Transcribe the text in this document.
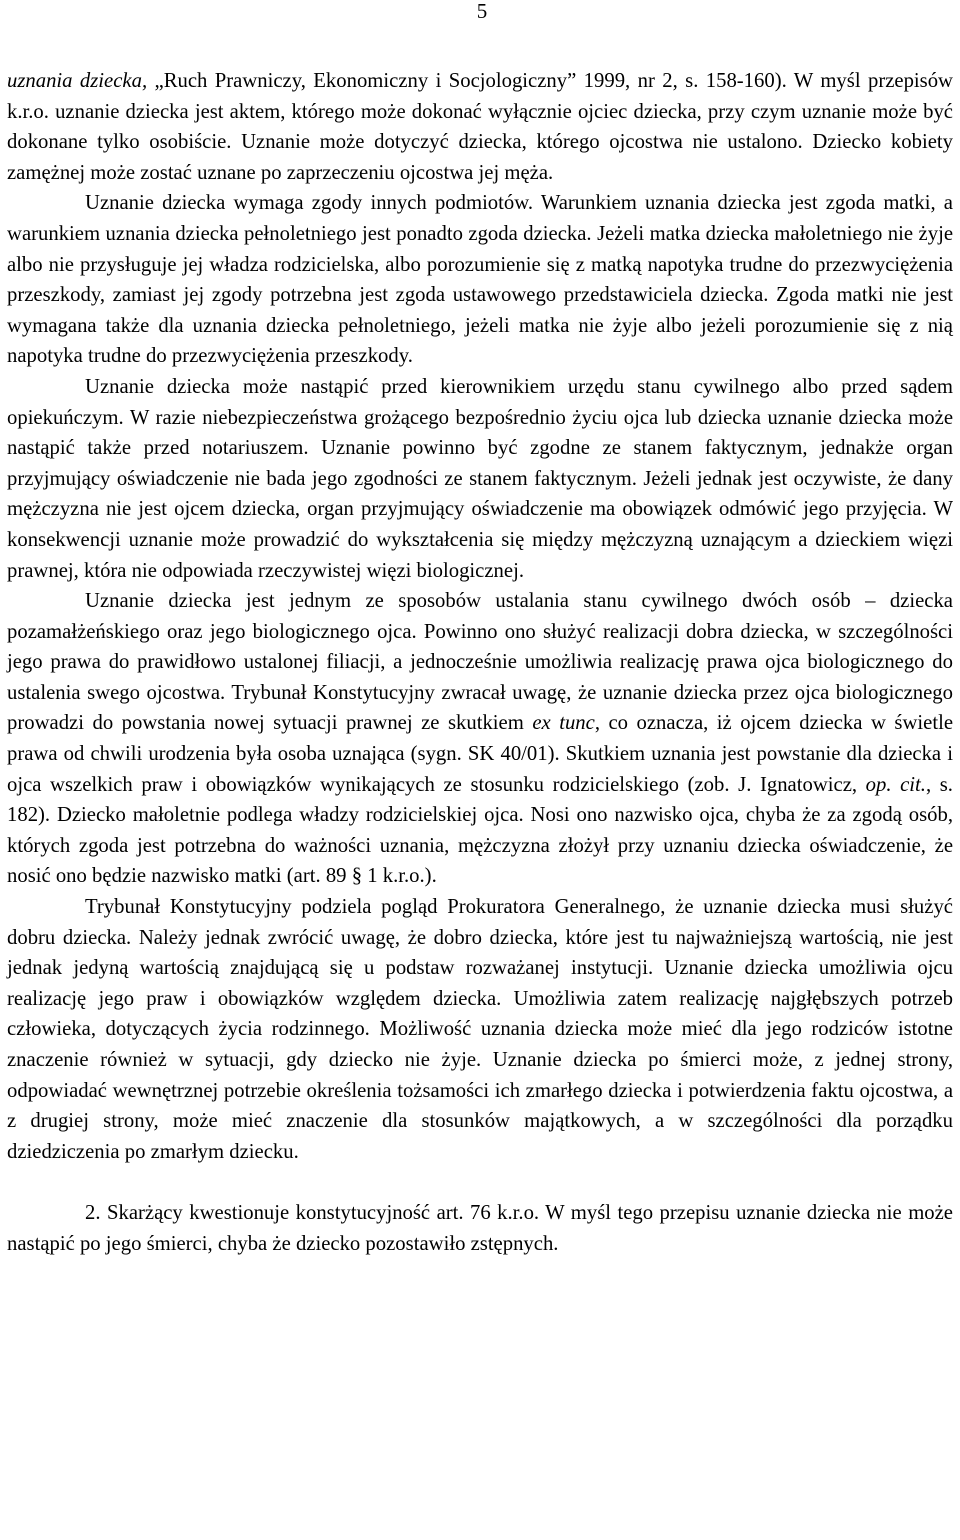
5

uznania dziecka, „Ruch Prawniczy, Ekonomiczny i Socjologiczny” 1999, nr 2, s. 158-160). W myśl przepisów k.r.o. uznanie dziecka jest aktem, którego może dokonać wyłącznie ojciec dziecka, przy czym uznanie może być dokonane tylko osobiście. Uznanie może dotyczyć dziecka, którego ojcostwa nie ustalono. Dziecko kobiety zamężnej może zostać uznane po zaprzeczeniu ojcostwa jej męża.

Uznanie dziecka wymaga zgody innych podmiotów. Warunkiem uznania dziecka jest zgoda matki, a warunkiem uznania dziecka pełnoletniego jest ponadto zgoda dziecka. Jeżeli matka dziecka małoletniego nie żyje albo nie przysługuje jej władza rodzicielska, albo porozumienie się z matką napotyka trudne do przezwyciężenia przeszkody, zamiast jej zgody potrzebna jest zgoda ustawowego przedstawiciela dziecka. Zgoda matki nie jest wymagana także dla uznania dziecka pełnoletniego, jeżeli matka nie żyje albo jeżeli porozumienie się z nią napotyka trudne do przezwyciężenia przeszkody.

Uznanie dziecka może nastąpić przed kierownikiem urzędu stanu cywilnego albo przed sądem opiekuńczym. W razie niebezpieczeństwa grożącego bezpośrednio życiu ojca lub dziecka uznanie dziecka może nastąpić także przed notariuszem. Uznanie powinno być zgodne ze stanem faktycznym, jednakże organ przyjmujący oświadczenie nie bada jego zgodności ze stanem faktycznym. Jeżeli jednak jest oczywiste, że dany mężczyzna nie jest ojcem dziecka, organ przyjmujący oświadczenie ma obowiązek odmówić jego przyjęcia. W konsekwencji uznanie może prowadzić do wykształcenia się między mężczyzną uznającym a dzieckiem więzi prawnej, która nie odpowiada rzeczywistej więzi biologicznej.

Uznanie dziecka jest jednym ze sposobów ustalania stanu cywilnego dwóch osób – dziecka pozamałżeńskiego oraz jego biologicznego ojca. Powinno ono służyć realizacji dobra dziecka, w szczególności jego prawa do prawidłowo ustalonej filiacji, a jednocześnie umożliwia realizację prawa ojca biologicznego do ustalenia swego ojcostwa. Trybunał Konstytucyjny zwracał uwagę, że uznanie dziecka przez ojca biologicznego prowadzi do powstania nowej sytuacji prawnej ze skutkiem ex tunc, co oznacza, iż ojcem dziecka w świetle prawa od chwili urodzenia była osoba uznająca (sygn. SK 40/01). Skutkiem uznania jest powstanie dla dziecka i ojca wszelkich praw i obowiązków wynikających ze stosunku rodzicielskiego (zob. J. Ignatowicz, op. cit., s. 182). Dziecko małoletnie podlega władzy rodzicielskiej ojca. Nosi ono nazwisko ojca, chyba że za zgodą osób, których zgoda jest potrzebna do ważności uznania, mężczyzna złożył przy uznaniu dziecka oświadczenie, że nosić ono będzie nazwisko matki (art. 89 § 1 k.r.o.).

Trybunał Konstytucyjny podziela pogląd Prokuratora Generalnego, że uznanie dziecka musi służyć dobru dziecka. Należy jednak zwrócić uwagę, że dobro dziecka, które jest tu najważniejszą wartością, nie jest jednak jedyną wartością znajdującą się u podstaw rozważanej instytucji. Uznanie dziecka umożliwia ojcu realizację jego praw i obowiązków względem dziecka. Umożliwia zatem realizację najgłębszych potrzeb człowieka, dotyczących życia rodzinnego. Możliwość uznania dziecka może mieć dla jego rodziców istotne znaczenie również w sytuacji, gdy dziecko nie żyje. Uznanie dziecka po śmierci może, z jednej strony, odpowiadać wewnętrznej potrzebie określenia tożsamości ich zmarłego dziecka i potwierdzenia faktu ojcostwa, a z drugiej strony, może mieć znaczenie dla stosunków majątkowych, a w szczególności dla porządku dziedziczenia po zmarłym dziecku.

2. Skarżący kwestionuje konstytucyjność art. 76 k.r.o. W myśl tego przepisu uznanie dziecka nie może nastąpić po jego śmierci, chyba że dziecko pozostawiło zstępnych.
